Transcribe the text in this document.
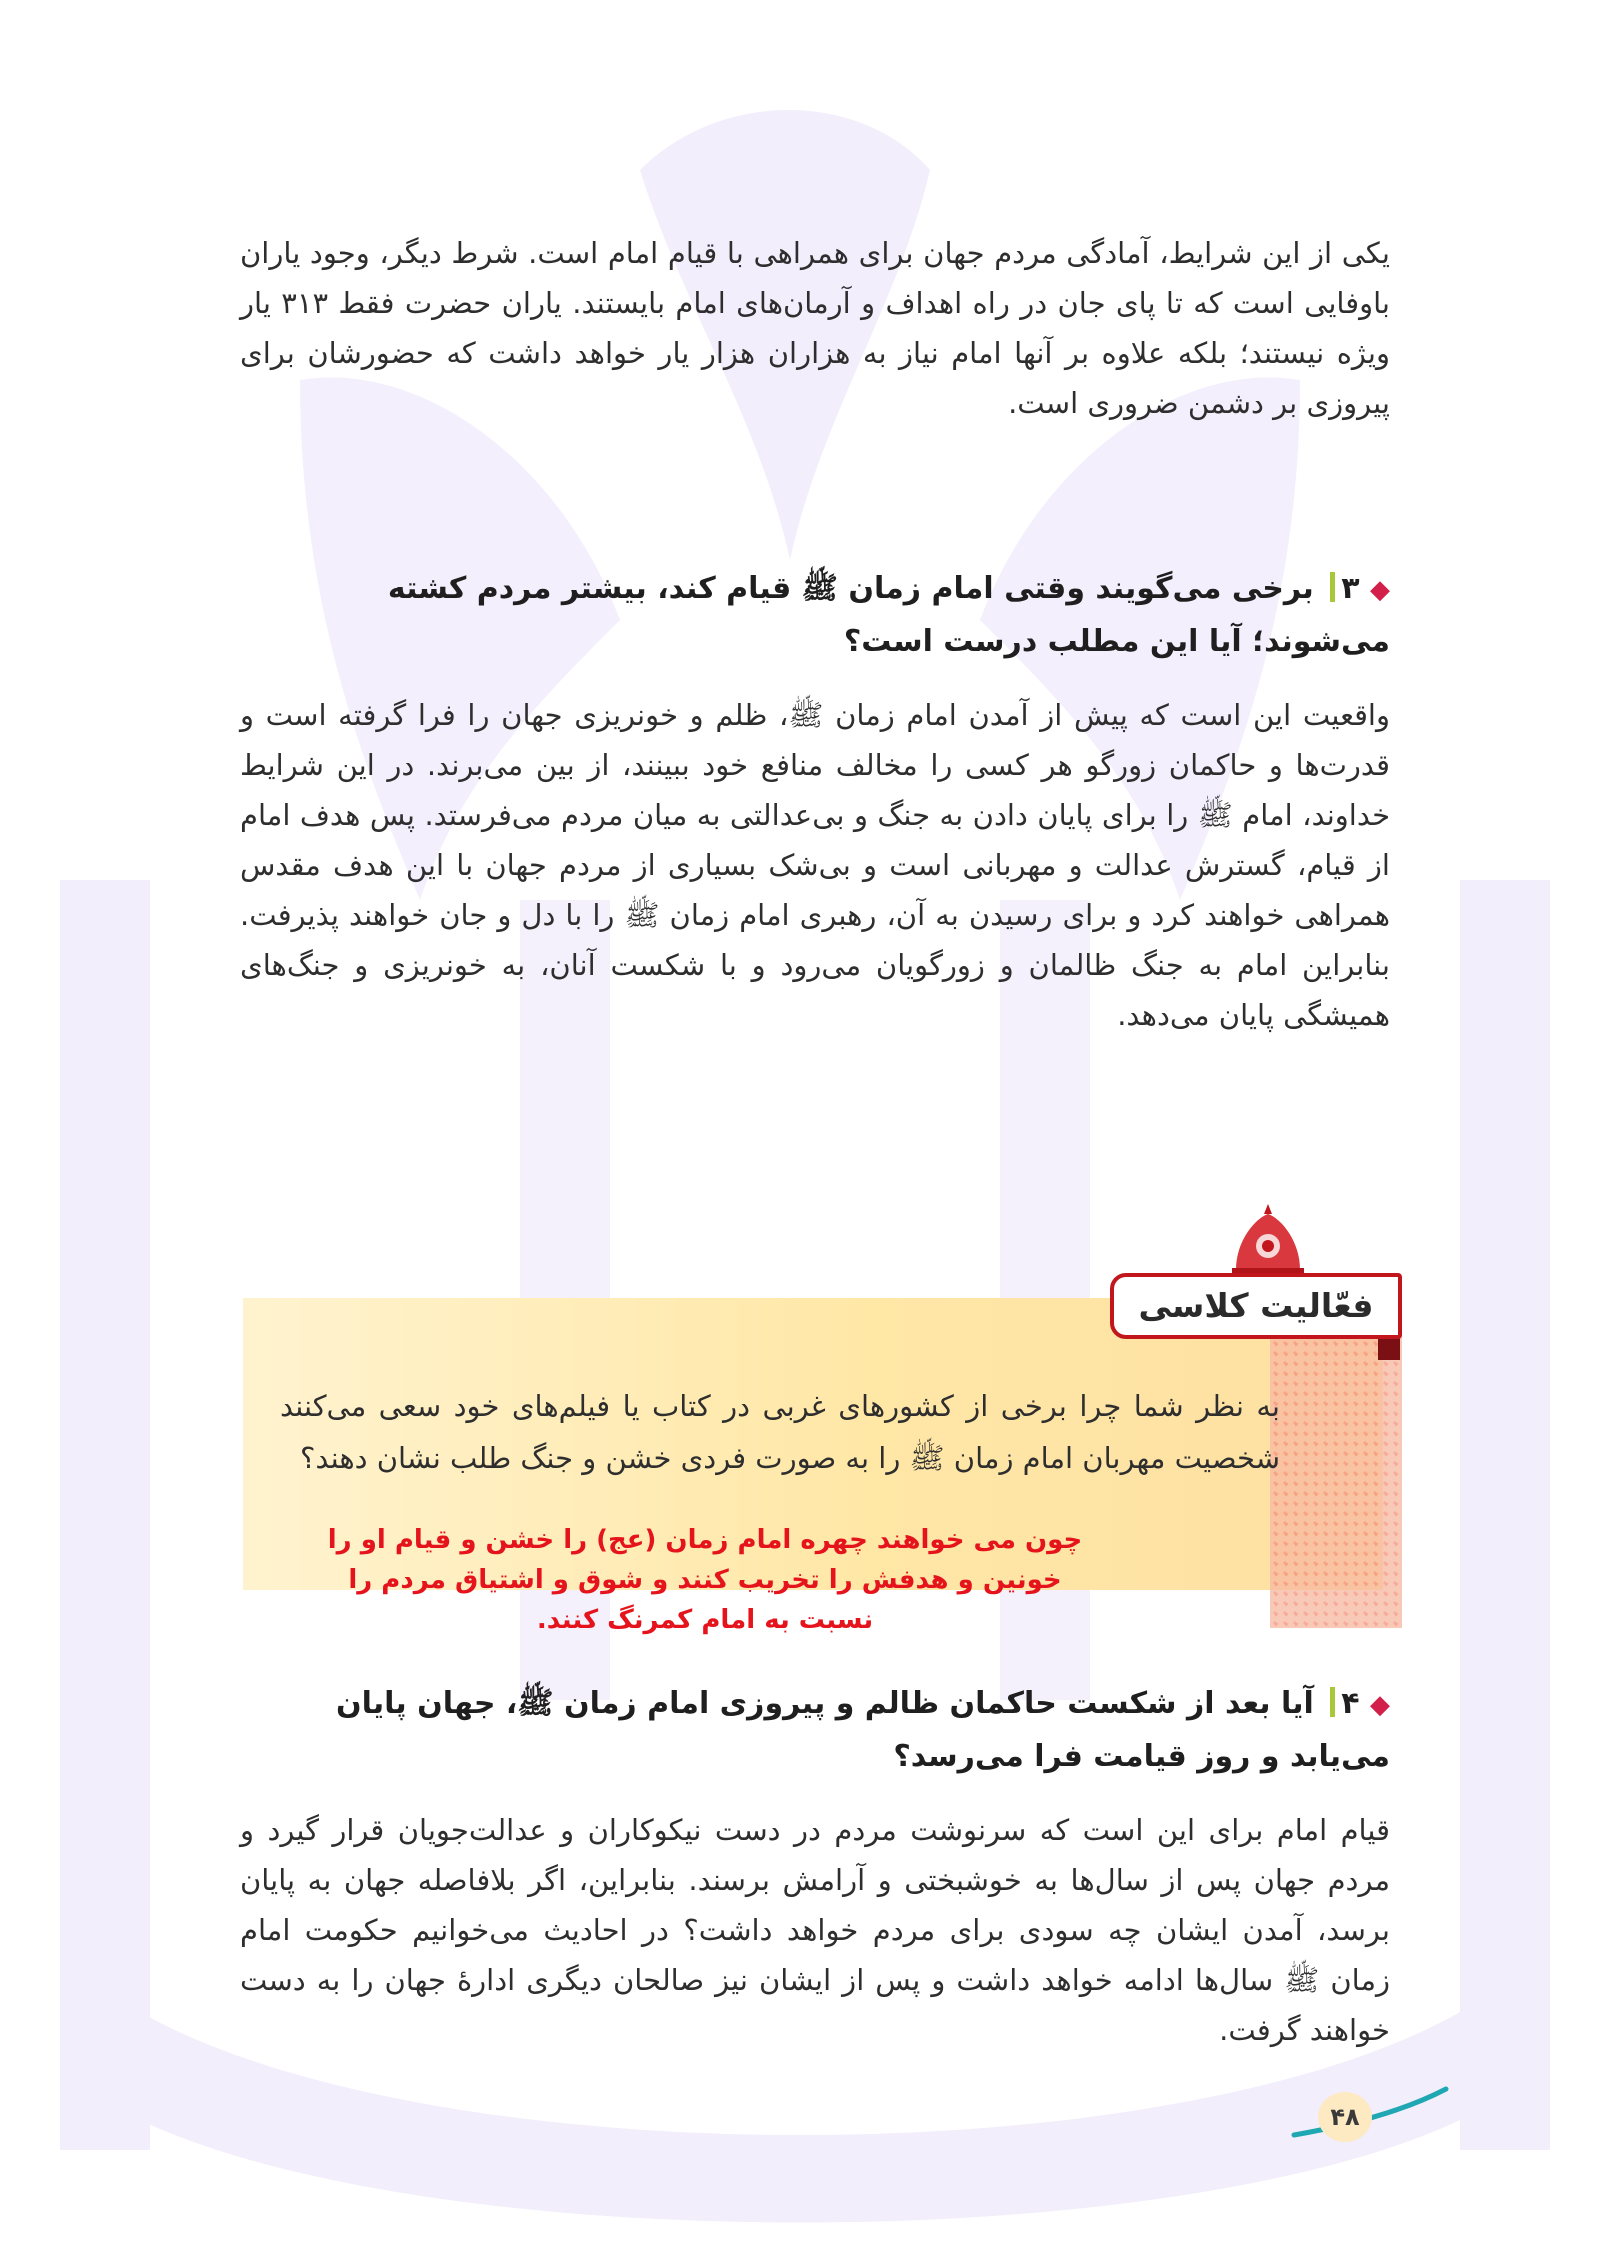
یکی از این شرایط، آمادگی مردم جهان برای همراهی با قیام امام است. شرط دیگر، وجود یاران باوفایی است که تا پای جان در راه اهداف و آرمان‌های امام بایستند. یاران حضرت فقط ۳۱۳ یار ویژه نیستند؛ بلکه علاوه بر آنها امام نیاز به هزاران هزار یار خواهد داشت که حضورشان برای پیروزی بر دشمن ضروری است.

◆ ۳ برخی می‌گویند وقتی امام زمان ﷺ قیام کند، بیشتر مردم کشته می‌شوند؛ آیا این مطلب درست است؟

واقعیت این است که پیش از آمدن امام زمان ﷺ، ظلم و خونریزی جهان را فرا گرفته است و قدرت‌ها و حاکمان زورگو هر کسی را مخالف منافع خود ببینند، از بین می‌برند. در این شرایط خداوند، امام ﷺ را برای پایان دادن به جنگ و بی‌عدالتی به میان مردم می‌فرستد. پس هدف امام از قیام، گسترش عدالت و مهربانی است و بی‌شک بسیاری از مردم جهان با این هدف مقدس همراهی خواهند کرد و برای رسیدن به آن، رهبری امام زمان ﷺ را با دل و جان خواهند پذیرفت. بنابراین امام به جنگ ظالمان و زورگویان می‌رود و با شکست آنان، به خونریزی و جنگ‌های همیشگی پایان می‌دهد.

فعّالیت کلاسی

به نظر شما چرا برخی از کشورهای غربی در کتاب یا فیلم‌های خود سعی می‌کنند شخصیت مهربان امام زمان ﷺ را به صورت فردی خشن و جنگ طلب نشان دهند؟

چون می خواهند چهره امام زمان (عج) را خشن و قیام او را خونین و هدفش را تخریب کنند و شوق و اشتیاق مردم را نسبت به امام کمرنگ کنند.

◆ ۴ آیا بعد از شکست حاکمان ظالم و پیروزی امام زمان ﷺ، جهان پایان می‌یابد و روز قیامت فرا می‌رسد؟

قیام امام برای این است که سرنوشت مردم در دست نیکوکاران و عدالت‌جویان قرار گیرد و مردم جهان پس از سال‌ها به خوشبختی و آرامش برسند. بنابراین، اگر بلافاصله جهان به پایان برسد، آمدن ایشان چه سودی برای مردم خواهد داشت؟ در احادیث می‌خوانیم حکومت امام زمان ﷺ سال‌ها ادامه خواهد داشت و پس از ایشان نیز صالحان دیگری ادارهٔ جهان را به دست خواهند گرفت.

۴۸
